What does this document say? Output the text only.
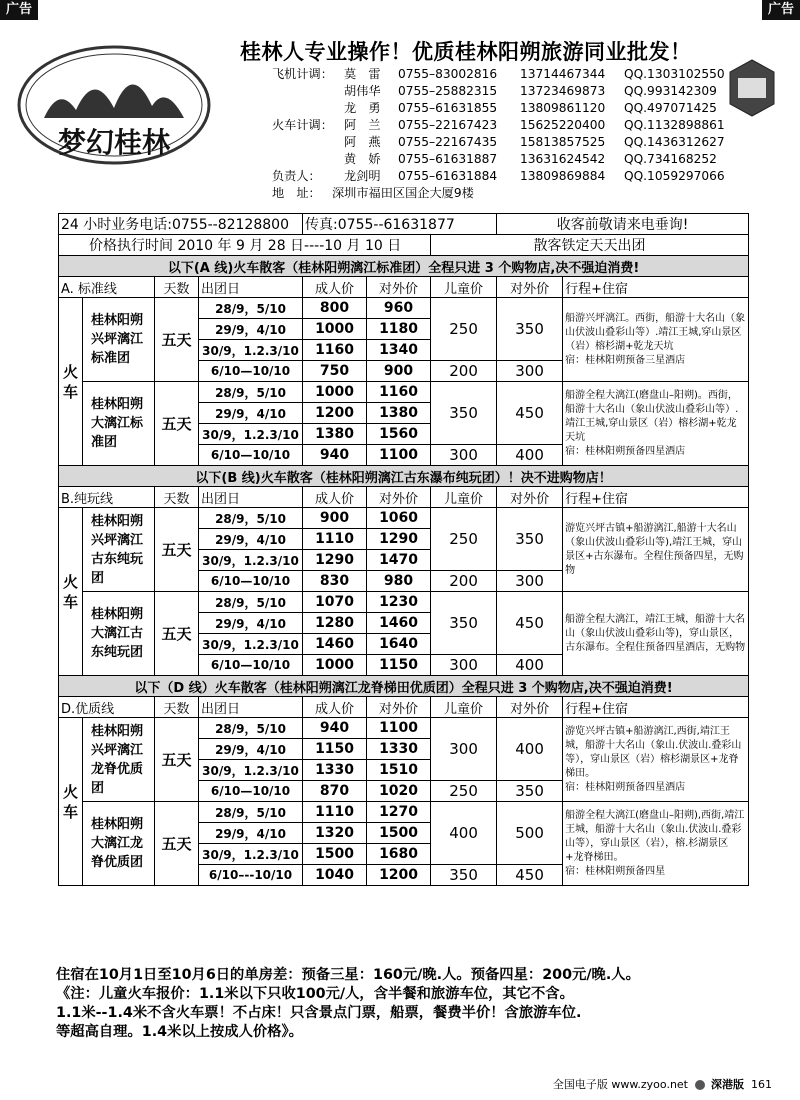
广告	广告
梦幻桂林
桂林人专业操作！优质桂林阳朔旅游同业批发！
飞机计调： 莫　雷 0755–83002816 13714467344 QQ.1303102550
胡伟华 0755–25882315 13723469873 QQ.993142309
龙　勇 0755–61631855 13809861120 QQ.497071425
火车计调： 阿　兰 0755–22167423 15625220400 QQ.1132898861
阿　燕 0755–22167435 15813857525 QQ.1436312627
黄　娇 0755–61631887 13631624542 QQ.734168252
负责人： 龙剑明 0755–61631884 13809869884 QQ.1059297066
地　址： 深圳市福田区国企大厦9楼
24 小时业务电话:0755--82128800				传真:0755--61631877			收客前敬请来电垂询!	
价格执行时间 2010 年 9 月 28 日----10 月 10 日						散客铁定天天出团		
以下(A 线)火车散客（桂林阳朔漓江标准团）全程只进 3 个购物店,决不强迫消费!								
A. 标准线		天数	出团日	成人价	对外价	儿童价	对外价	行程+住宿
火车	桂林阳朔兴坪漓江标准团	五天	28/9，5/10	800	960	250	350	船游兴坪漓江。西街，船游十大名山（象山伏波山叠彩山等）.靖江王城,穿山景区（岩）榕杉湖+乾龙天坑
宿：桂林阳朔预备三星酒店

			29/9，4/10	1000	1180			
			30/9，1.2.3/10	1160	1340			
			6/10—10/10	750	900	200	300	
	桂林阳朔大漓江标准团	五天	28/9，5/10	1000	1160	350	450	船游全程大漓江(磨盘山–阳朔)。西街，船游十大名山（象山伏波山叠彩山等）.靖江王城,穿山景区（岩）榕杉湖+乾龙天坑
宿：桂林阳朔预备四星酒店

			29/9，4/10	1200	1380			
			30/9，1.2.3/10	1380	1560			
			6/10—10/10	940	1100	300	400	
以下(B 线)火车散客（桂林阳朔漓江古东瀑布纯玩团）！决不进购物店！								
B.纯玩线		天数	出团日	成人价	对外价	儿童价	对外价	行程+住宿
火车	桂林阳朔兴坪漓江古东纯玩团	五天	28/9，5/10	900	1060	250	350	游览兴坪古镇+船游漓江,船游十大名山（象山伏波山叠彩山等),靖江王城，穿山景区+古东瀑布。全程住预备四星，无购物

			29/9，4/10	1110	1290			
			30/9，1.2.3/10	1290	1470			
			6/10—10/10	830	980	200	300	
	桂林阳朔大漓江古东纯玩团	五天	28/9，5/10	1070	1230	350	450	船游全程大漓江，靖江王城，船游十大名山（象山伏波山叠彩山等)，穿山景区，古东瀑布。全程住预备四星酒店，无购物

			29/9，4/10	1280	1460			
			30/9，1.2.3/10	1460	1640			
			6/10—10/10	1000	1150	300	400	
以下（D 线）火车散客（桂林阳朔漓江龙脊梯田优质团）全程只进 3 个购物店,决不强迫消费!								
D.优质线		天数	出团日	成人价	对外价	儿童价	对外价	行程+住宿
火车	桂林阳朔兴坪漓江龙脊优质团	五天	28/9，5/10	940	1100	300	400	游览兴坪古镇+船游漓江,西街,靖江王城，船游十大名山（象山.伏波山.叠彩山等），穿山景区（岩）榕杉湖景区+龙脊梯田。
宿：桂林阳朔预备四星酒店

			29/9，4/10	1150	1330			
			30/9，1.2.3/10	1330	1510			
			6/10—10/10	870	1020	250	350	
	桂林阳朔大漓江龙脊优质团	五天	28/9，5/10	1110	1270	400	500	船游全程大漓江(磨盘山–阳朔),西街,靖江王城，船游十大名山（象山.伏波山.叠彩山等），穿山景区（岩），榕.杉湖景区+龙脊梯田。
宿：桂林阳朔预备四星

			29/9，4/10	1320	1500			
			30/9，1.2.3/10	1500	1680			
			6/10–--10/10	1040	1200	350	450	
住宿在10月1日至10月6日的单房差：预备三星：160元/晚.人。预备四星：200元/晚.人。
《注：儿童火车报价：1.1米以下只收100元/人，含半餐和旅游车位，其它不含。
1.1米--1.4米不含火车票！不占床！只含景点门票，船票，餐费半价！含旅游车位.
等超高自理。1.4米以上按成人价格》。
全国电子版 www.zyoo.net 深港版 161
